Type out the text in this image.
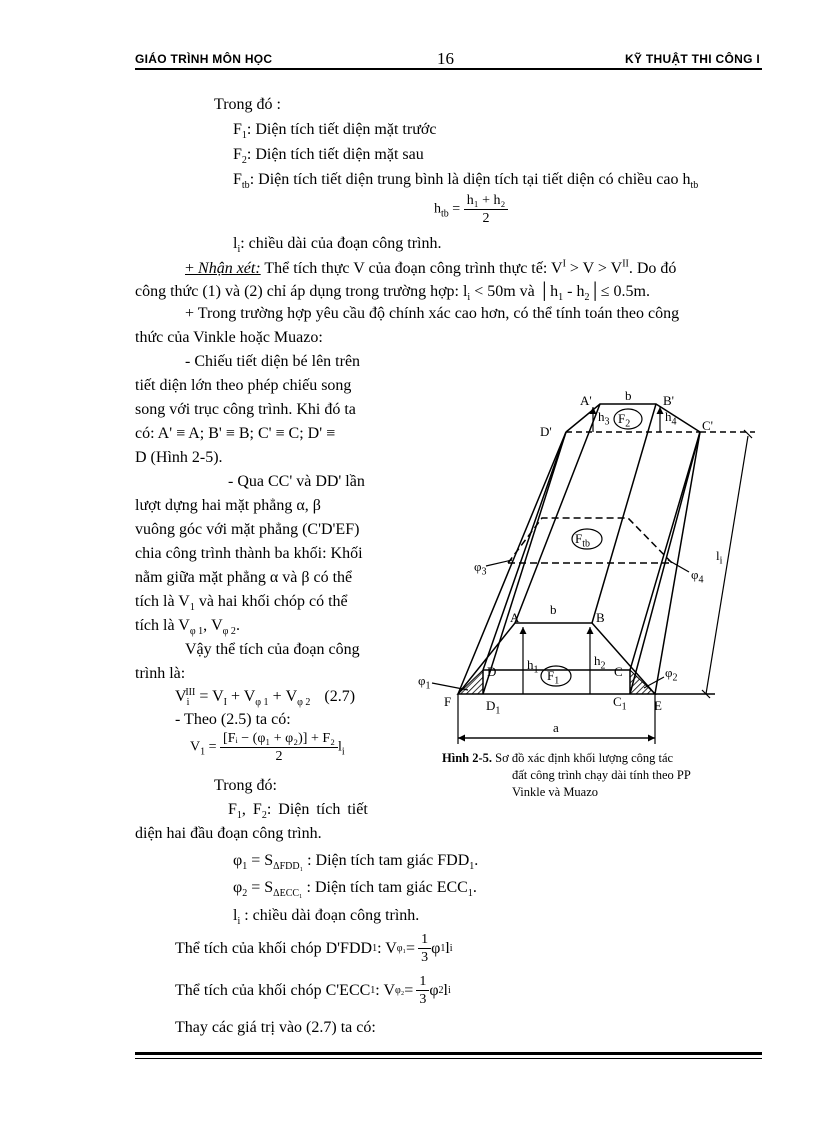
GIÁO TRÌNH MÔN HỌC	16	KỸ THUẬT THI CÔNG I
Trong đó :
$F_1$: Diện tích tiết diện mặt trước
$F_2$: Diện tích tiết diện mặt sau
$F_{tb}$: Diện tích tiết diện trung bình là diện tích tại tiết diện có chiều cao $h_{tb}$
$h_{tb} = \frac{\text{h₁ + h₂}}{2}$
$l_i$: chiều dài của đoạn công trình.
+ Nhận xét: Thể tích thực V của đoạn công trình thực tế: $V^I > V > V^{II}$. Do đó
công thức (1) và (2) chỉ áp dụng trong trường hợp: $l_i < 50m$ và $│h_1$ - $h_2│\le 0.5m$.
+ Trong trường hợp yêu cầu độ chính xác cao hơn, có thể tính toán theo công
thức của Vinkle hoặc Muazo:
- Chiếu tiết diện bé lên trên
tiết diện lớn theo phép chiếu song
song với trục công trình. Khi đó ta
có: A' ≡ A; B' ≡ B; C' ≡ C; D' ≡
D (Hình 2-5).
- Qua CC' và DD' lần
lượt dựng hai mặt phẳng α, β
vuông góc với mặt phẳng (C'D'EF)
chia công trình thành ba khối: Khối
nằm giữa mặt phẳng α và β có thể
tích là $V_1$ và hai khối chóp có thể
tích là $V_{\varphi 1}$, $V_{\varphi 2}$.
Vậy thể tích của đoạn công
trình là:
$V_i^{III} = V_I + V_{\varphi 1} + V_{\varphi 2}$ (2.7)
- Theo (2.5) ta có:
$V_1 = \frac{\text{[Fᵢ − (φ₁ + φ₂)] + F₂}}{2} l_i$
Trong đó:
$F_1$, $F_2$: Diện tích tiết
diện hai đầu đoạn công trình.
$\varphi_1 = S_{\Delta FDD_1}$ : Diện tích tam giác $FDD_1$.
$\varphi_2 = S_{\Delta ECC_1}$ : Diện tích tam giác $ECC_1$.
$l_i$ : chiều dài đoạn công trình.
Thể tích của khối chóp D'FDD 1 : V $\varphi_1 = \frac{1}{3}$ φ 1 l i
Thể tích của khối chóp C'ECC 1 : V $\varphi_2 = \frac{1}{3}$ φ 2 l i
Thay các giá trị vào (2.7) ta có:
A'	b B'
D'	C'
$h_3$ $F_2$
$h_4$
$F_{tb}$
$\varphi_3$	$\varphi_4$
$l_i$
A
b
B
$h_1$
$h_2$
$F_1$
D	C
$\varphi_1$
$\varphi_2$
F	$D_1$
$C_1$ E
a
Hình 2-5. Sơ đồ xác định khối lượng công tác
đất công trình chạy dài tính theo PP
Vinkle và Muazo
